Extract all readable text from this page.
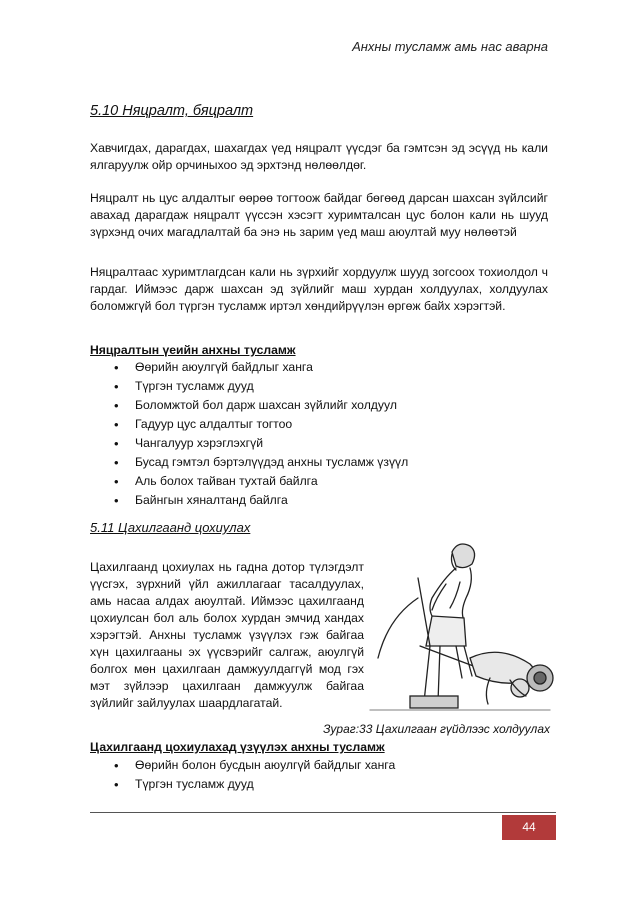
Анхны тусламж амь нас аварна
5.10 Няцралт, бяцралт

Хавчигдах, дарагдах, шахагдах үед няцралт үүсдэг ба гэмтсэн эд эсүүд нь кали ялгаруулж ойр орчиныхоо эд эрхтэнд нөлөөлдөг.

Няцралт нь цус алдалтыг өөрөө тогтоож байдаг бөгөөд дарсан шахсан зүйлсийг авахад дарагдаж няцралт үүссэн хэсэгт хуримталсан цус болон кали нь шууд зүрхэнд очих магадлалтай ба энэ нь зарим үед маш аюултай муу нөлөөтэй

Няцралтаас хуримтлагдсан кали нь зүрхийг хордуулж шууд зогсоох тохиолдол ч гардаг. Иймээс дарж шахсан эд зүйлийг маш хурдан холдуулах, холдуулах боломжгүй бол түргэн тусламж иртэл хөндийрүүлэн өргөж байх хэрэгтэй.

Няцралтын үеийн анхны тусламж
• Өөрийн аюулгүй байдлыг ханга
• Түргэн тусламж дууд
• Боломжтой бол дарж шахсан зүйлийг холдуул
• Гадуур цус алдалтыг тогтоо
• Чангалуур хэрэглэхгүй
• Бусад гэмтэл бэртэлүүдэд анхны тусламж үзүүл
• Аль болох тайван тухтай байлга
• Байнгын хяналтанд байлга
5.11 Цахилгаанд цохиулах

Цахилгаанд цохиулах нь гадна дотор түлэгдэлт үүсгэх, зүрхний үйл ажиллагааг тасалдуулах, амь насаа алдах аюултай. Иймээс цахилгаанд цохиулсан бол аль болох хурдан эмчид хандах хэрэгтэй. Анхны тусламж үзүүлэх гэж байгаа хүн цахилгааны эх үүсвэрийг салгаж, аюулгүй болгох мөн цахилгаан дамжуулдаггүй мод гэх мэт зүйлээр цахилгаан дамжуулж байгаа зүйлийг зайлуулах шаардлагатай.

Зураг:33 Цахилгаан гүйдлээс холдуулах
Цахилгаанд цохиулахад үзүүлэх анхны тусламж
• Өөрийн болон бусдын аюулгүй байдлыг ханга
• Түргэн тусламж дууд
44
